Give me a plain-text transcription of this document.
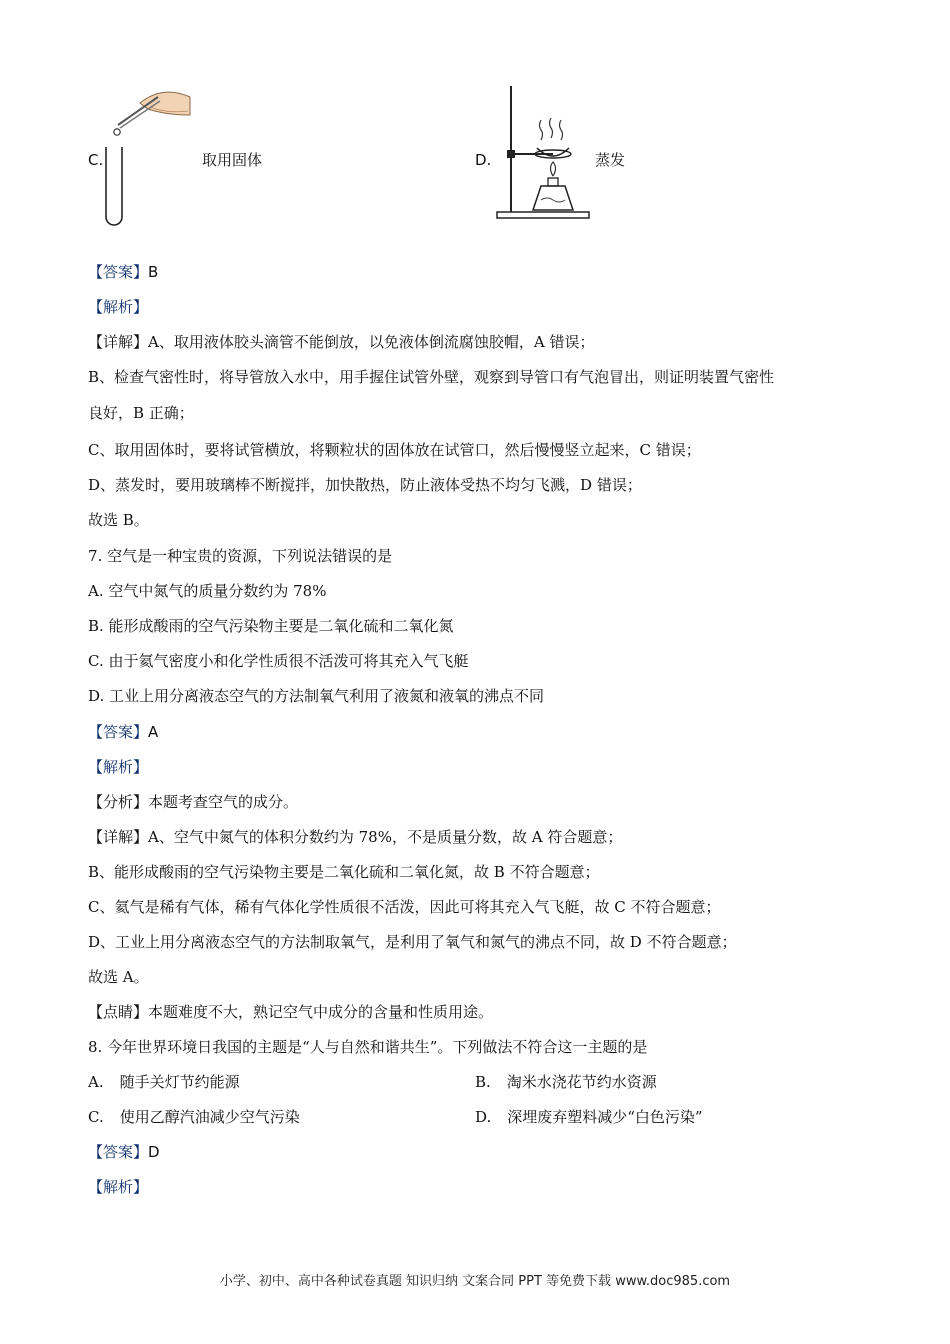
C.	取用固体	D.	蒸发
【答案】B
【解析】
【详解】A、取用液体胶头滴管不能倒放，以免液体倒流腐蚀胶帽，A 错误；
B、检查气密性时，将导管放入水中，用手握住试管外壁，观察到导管口有气泡冒出，则证明装置气密性
良好，B 正确；
C、取用固体时，要将试管横放，将颗粒状的固体放在试管口，然后慢慢竖立起来，C 错误；
D、蒸发时，要用玻璃棒不断搅拌，加快散热，防止液体受热不均匀飞溅，D 错误；
故选 B。
7. 空气是一种宝贵的资源，下列说法错误的是
A. 空气中氮气的质量分数约为 78%
B. 能形成酸雨的空气污染物主要是二氧化硫和二氧化氮
C. 由于氦气密度小和化学性质很不活泼可将其充入气飞艇
D. 工业上用分离液态空气的方法制氧气利用了液氮和液氧的沸点不同
【答案】A
【解析】
【分析】本题考查空气的成分。
【详解】A、空气中氮气的体积分数约为 78%，不是质量分数，故 A 符合题意；
B、能形成酸雨的空气污染物主要是二氧化硫和二氧化氮，故 B 不符合题意；
C、氦气是稀有气体，稀有气体化学性质很不活泼，因此可将其充入气飞艇，故 C 不符合题意；
D、工业上用分离液态空气的方法制取氧气，是利用了氧气和氮气的沸点不同，故 D 不符合题意；
故选 A。
【点睛】本题难度不大，熟记空气中成分的含量和性质用途。
8. 今年世界环境日我国的主题是“人与自然和谐共生”。下列做法不符合这一主题的是
A. 随手关灯节约能源	B. 淘米水浇花节约水资源
C. 使用乙醇汽油减少空气污染	D. 深埋废弃塑料减少“白色污染”
【答案】D
【解析】
小学、初中、高中各种试卷真题 知识归纳 文案合同 PPT 等免费下载 www.doc985.com
